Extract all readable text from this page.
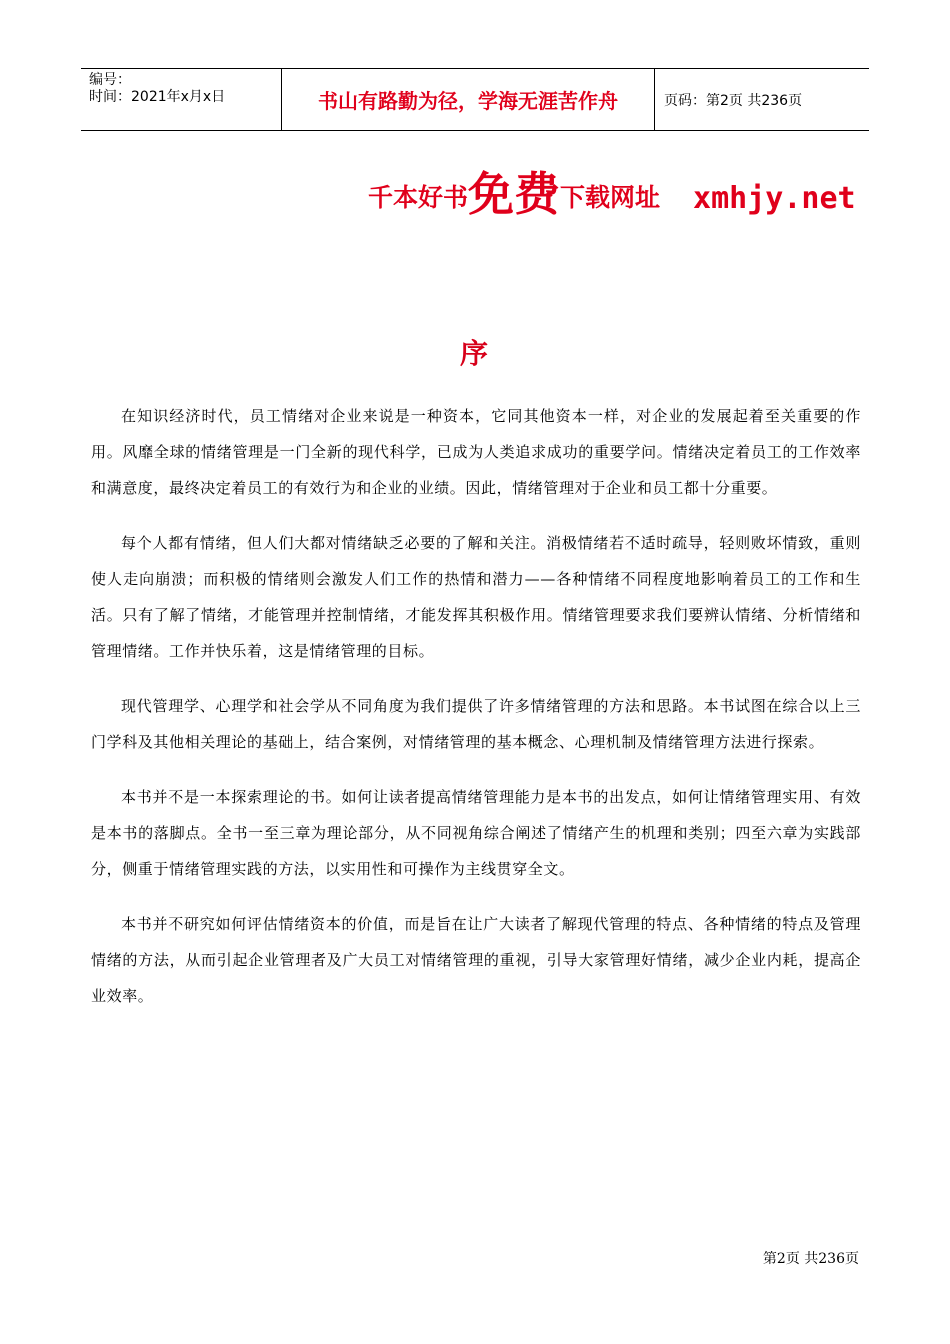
编号：
时间：2021年x月x日	书山有路勤为径，学海无涯苦作舟	页码：第2页 共236页
千本好书 免费 下载网址 xmhjy.net
序

在知识经济时代，员工情绪对企业来说是一种资本，它同其他资本一样，对企业的发展起着至关重要的作用。风靡全球的情绪管理是一门全新的现代科学，已成为人类追求成功的重要学问。情绪决定着员工的工作效率和满意度，最终决定着员工的有效行为和企业的业绩。因此，情绪管理对于企业和员工都十分重要。

每个人都有情绪，但人们大都对情绪缺乏必要的了解和关注。消极情绪若不适时疏导，轻则败坏情致，重则使人走向崩溃；而积极的情绪则会激发人们工作的热情和潜力——各种情绪不同程度地影响着员工的工作和生活。只有了解了情绪，才能管理并控制情绪，才能发挥其积极作用。情绪管理要求我们要辨认情绪、分析情绪和管理情绪。工作并快乐着，这是情绪管理的目标。

现代管理学、心理学和社会学从不同角度为我们提供了许多情绪管理的方法和思路。本书试图在综合以上三门学科及其他相关理论的基础上，结合案例，对情绪管理的基本概念、心理机制及情绪管理方法进行探索。

本书并不是一本探索理论的书。如何让读者提高情绪管理能力是本书的出发点，如何让情绪管理实用、有效是本书的落脚点。全书一至三章为理论部分，从不同视角综合阐述了情绪产生的机理和类别；四至六章为实践部分，侧重于情绪管理实践的方法，以实用性和可操作为主线贯穿全文。

本书并不研究如何评估情绪资本的价值，而是旨在让广大读者了解现代管理的特点、各种情绪的特点及管理情绪的方法，从而引起企业管理者及广大员工对情绪管理的重视，引导大家管理好情绪，减少企业内耗，提高企业效率。

第2页 共236页
